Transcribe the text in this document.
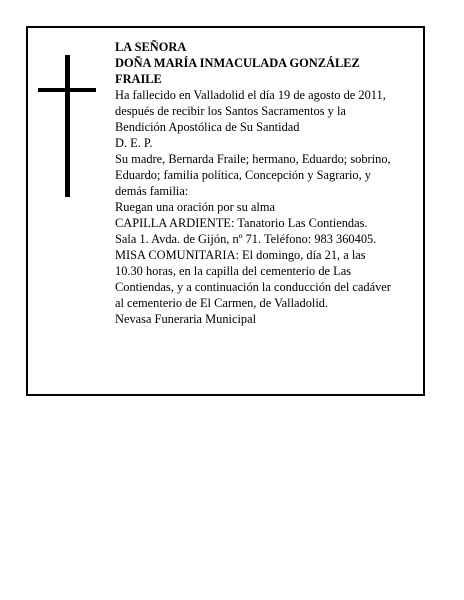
LA SEÑORA
DOÑA MARÍA INMACULADA GONZÁLEZ
FRAILE
Ha fallecido en Valladolid el día 19 de agosto de 2011,
después de recibir los Santos Sacramentos y la
Bendición Apostólica de Su Santidad
D. E. P.
Su madre, Bernarda Fraile; hermano, Eduardo; sobrino,
Eduardo; familia política, Concepción y Sagrario, y
demás familia:
Ruegan una oración por su alma
CAPILLA ARDIENTE: Tanatorio Las Contiendas.
Sala 1. Avda. de Gijón, nº 71. Teléfono: 983 360405.
MISA COMUNITARIA: El domingo, día 21, a las
10.30 horas, en la capilla del cementerio de Las
Contiendas, y a continuación la conducción del cadáver
al cementerio de El Carmen, de Valladolid.
Nevasa Funeraria Municipal
